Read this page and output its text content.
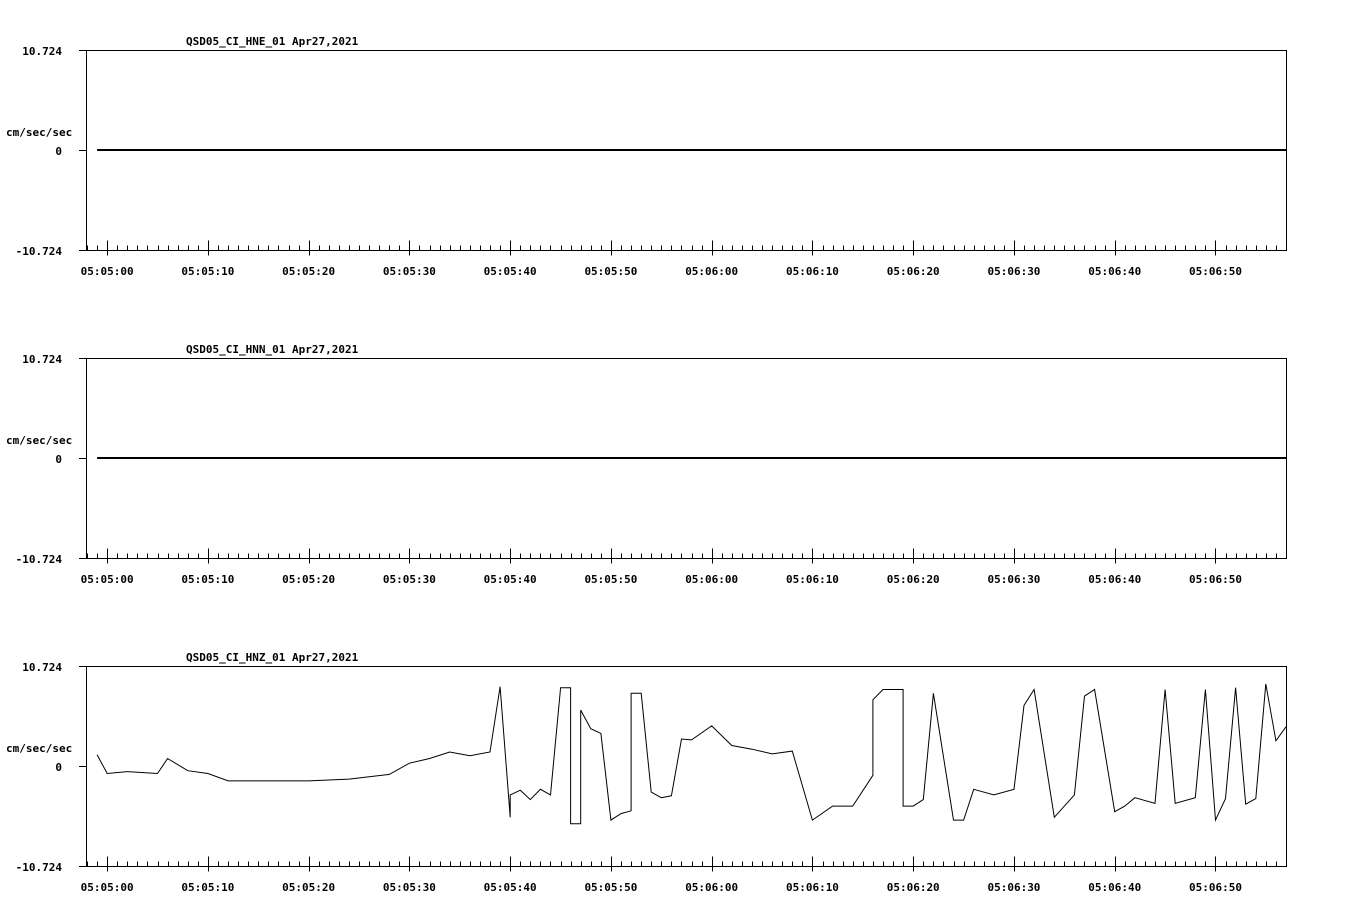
QSD05_CI_HNE_01 Apr27,2021
10.724
cm/sec/sec
0
-10.724
05:05:00	05:05:10	05:05:20	05:05:30	05:05:40	05:05:50	05:06:00	05:06:10	05:06:20	05:06:30	05:06:40	05:06:50
QSD05_CI_HNN_01 Apr27,2021
10.724
cm/sec/sec
0
-10.724
05:05:00	05:05:10	05:05:20	05:05:30	05:05:40	05:05:50	05:06:00	05:06:10	05:06:20	05:06:30	05:06:40	05:06:50
QSD05_CI_HNZ_01 Apr27,2021
10.724
cm/sec/sec
0
-10.724
05:05:00	05:05:10	05:05:20	05:05:30	05:05:40	05:05:50	05:06:00	05:06:10	05:06:20	05:06:30	05:06:40	05:06:50
